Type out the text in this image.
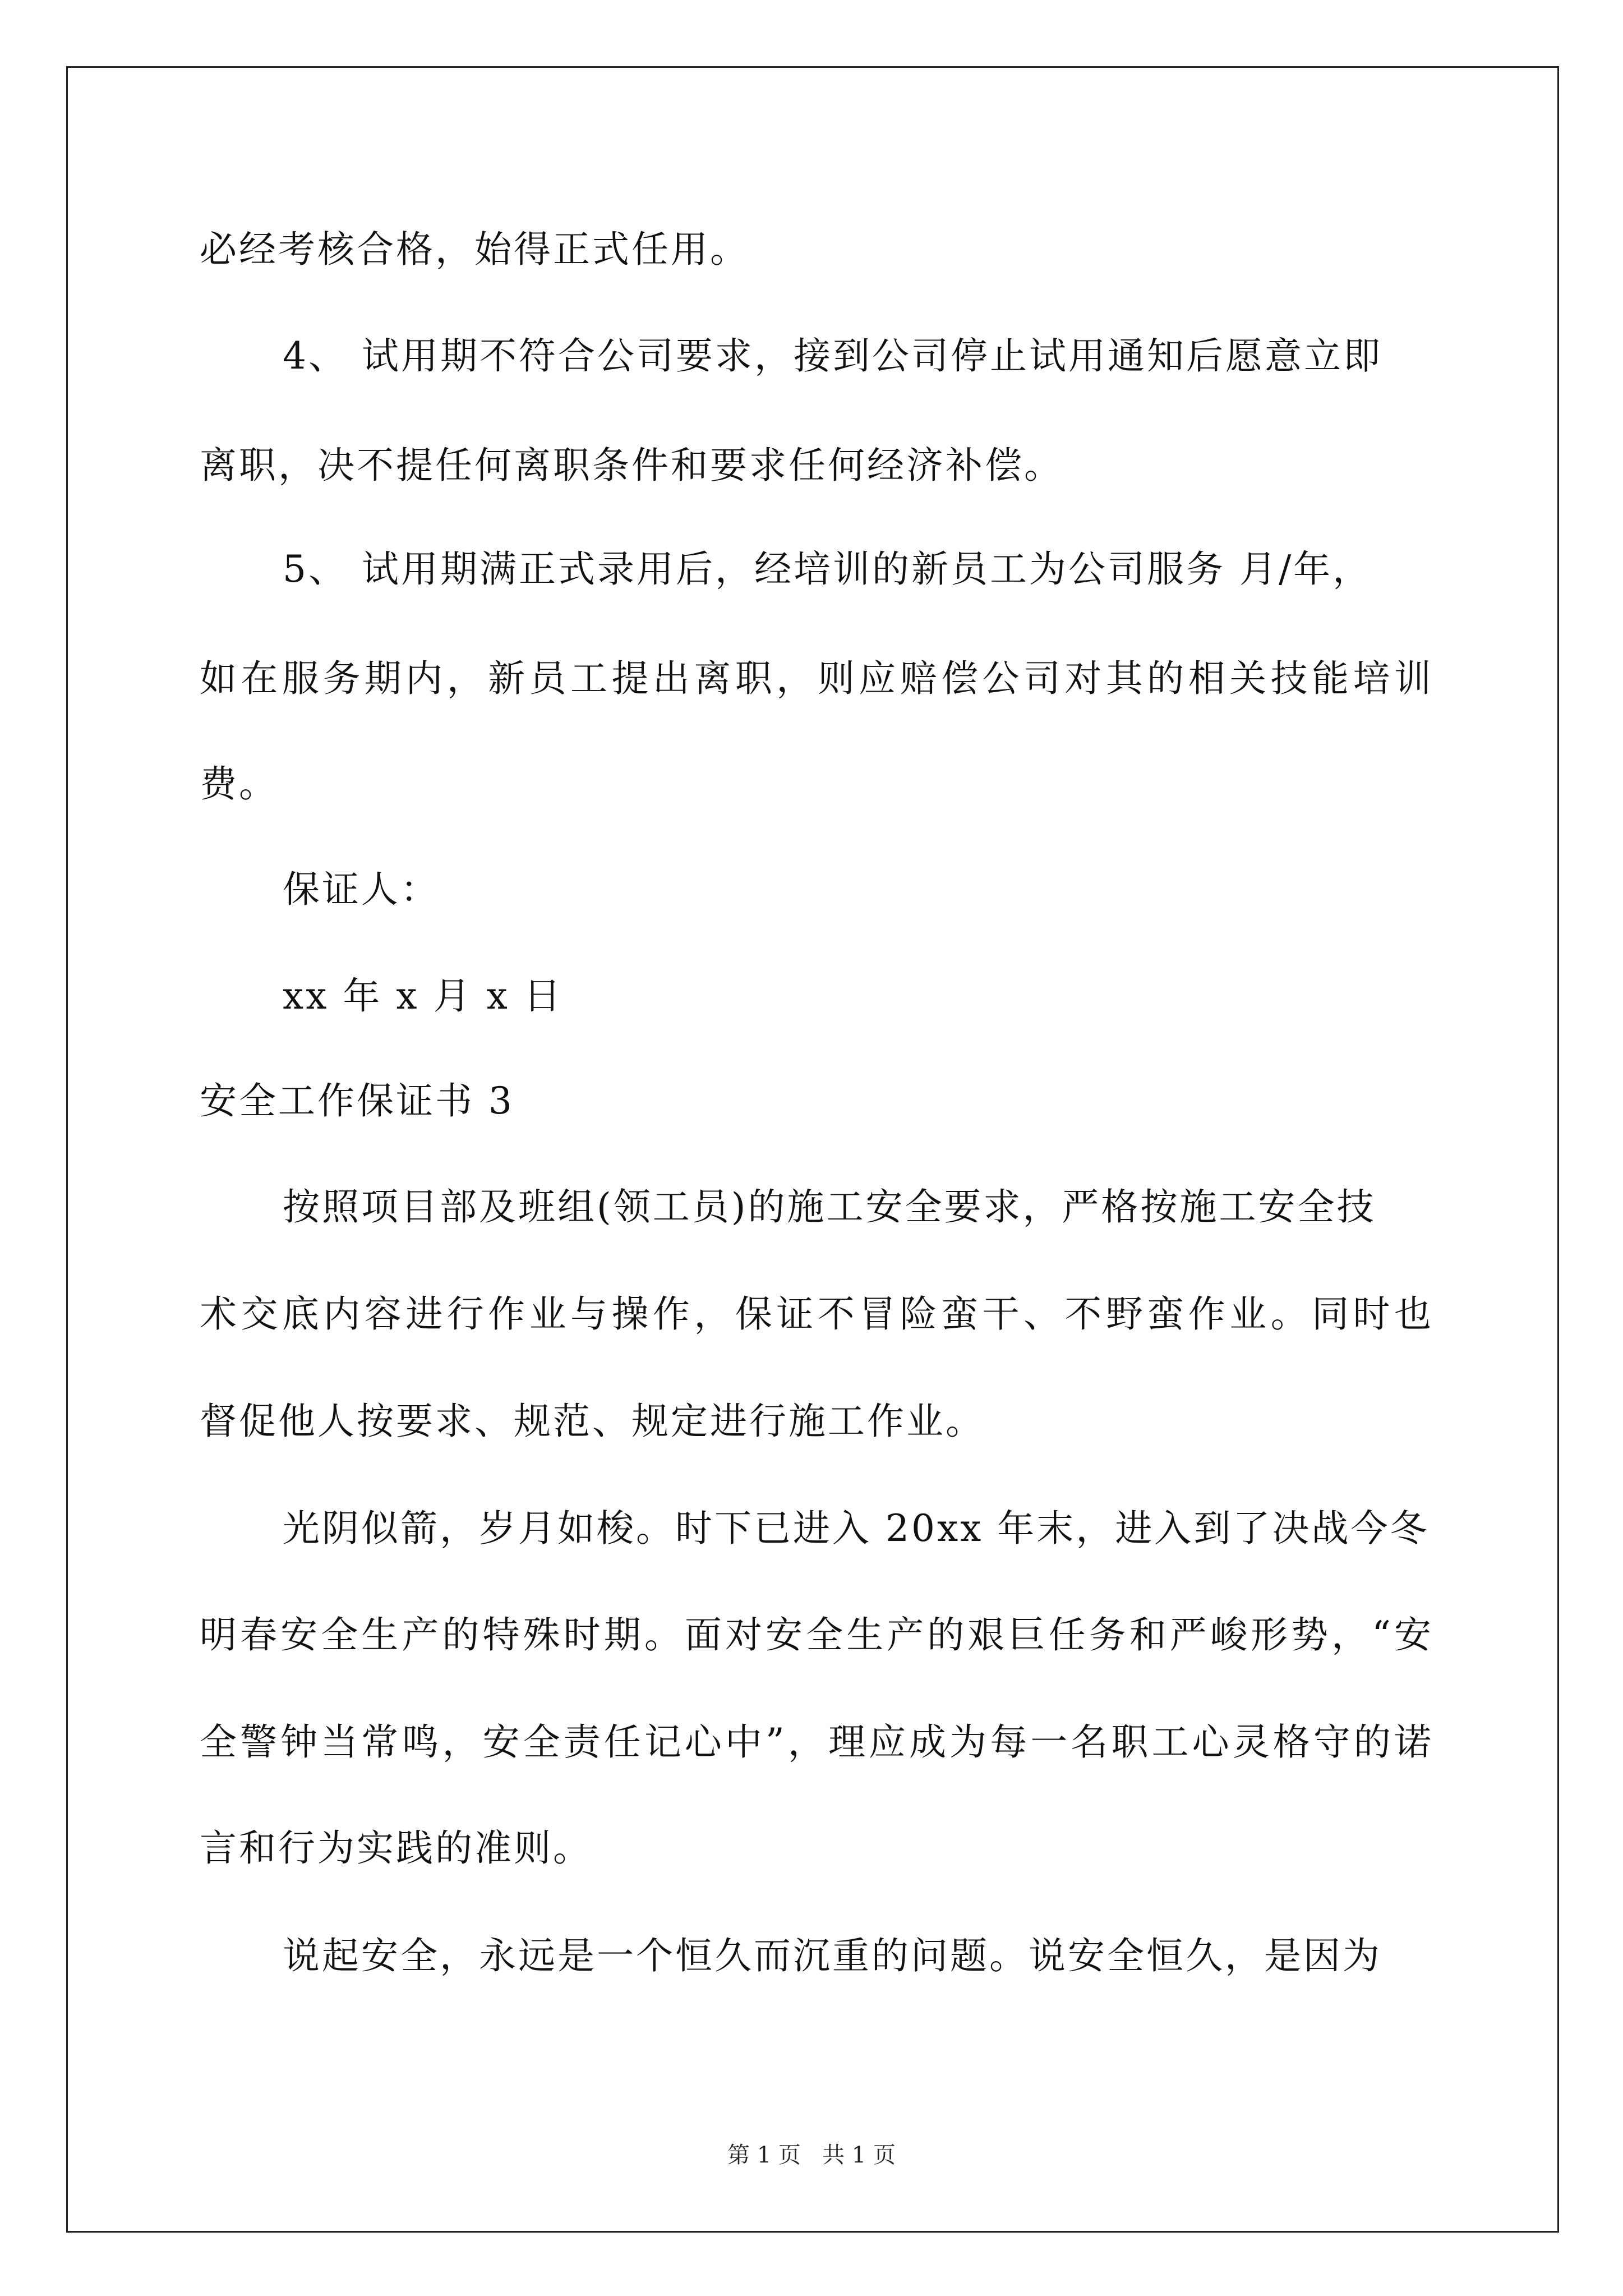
必经考核合格，始得正式任用。
4、 试用期不符合公司要求，接到公司停止试用通知后愿意立即
离职，决不提任何离职条件和要求任何经济补偿。
5、 试用期满正式录用后，经培训的新员工为公司服务 月/年，
如在服务期内，新员工提出离职，则应赔偿公司对其的相关技能培训
费。
保证人：
xx 年 x 月 x 日
安全工作保证书 3
按照项目部及班组(领工员)的施工安全要求，严格按施工安全技
术交底内容进行作业与操作，保证不冒险蛮干、不野蛮作业。同时也
督促他人按要求、规范、规定进行施工作业。
光阴似箭，岁月如梭。时下已进入 20xx 年末，进入到了决战今冬
明春安全生产的特殊时期。面对安全生产的艰巨任务和严峻形势，“安
全警钟当常鸣，安全责任记心中”，理应成为每一名职工心灵格守的诺
言和行为实践的准则。
说起安全，永远是一个恒久而沉重的问题。说安全恒久，是因为
第 1 页   共 1 页
